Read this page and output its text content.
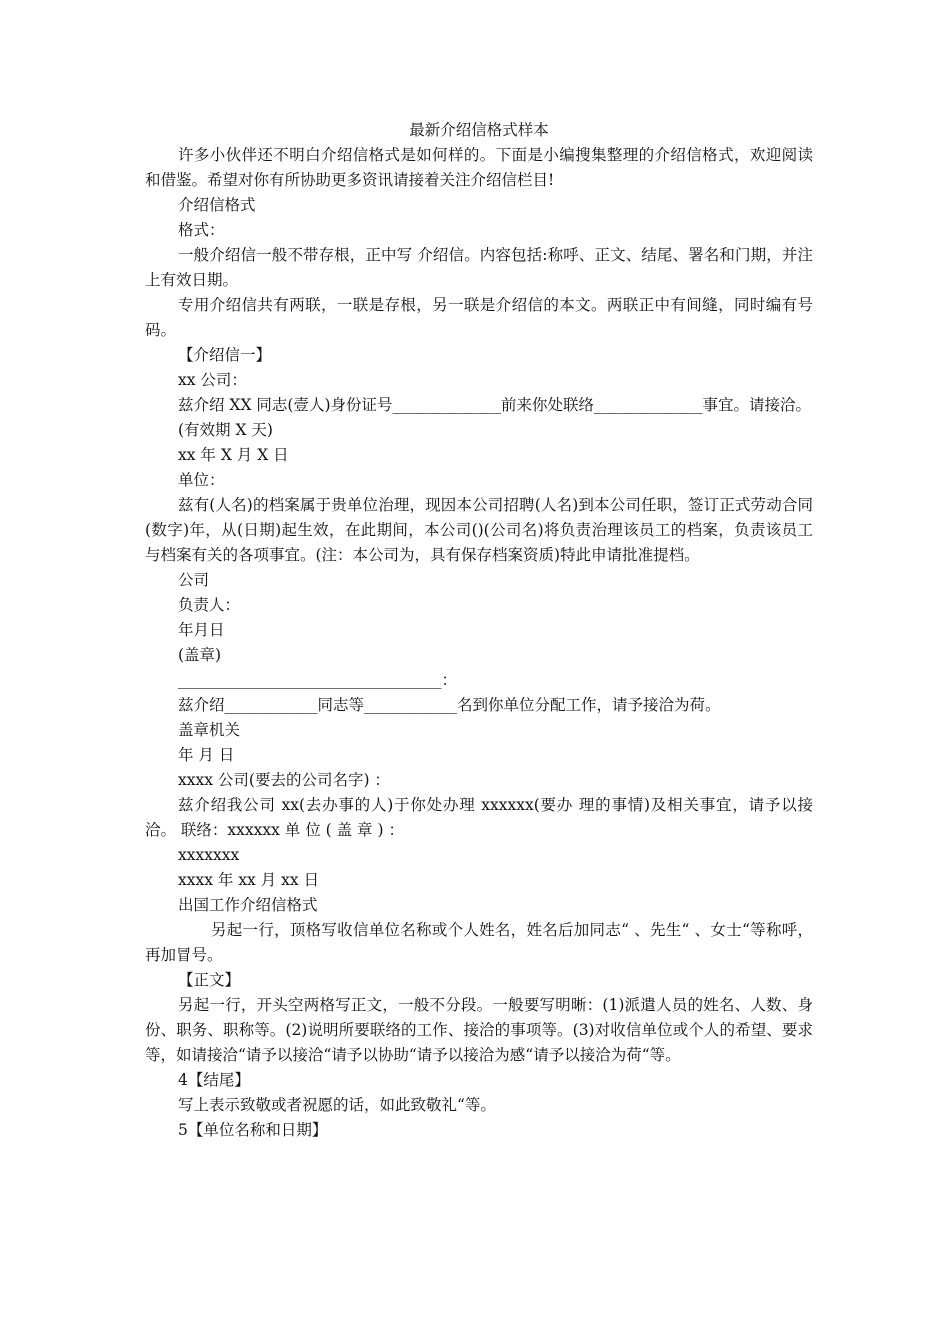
最新介绍信格式样本

许多小伙伴还不明白介绍信格式是如何样的。下面是小编搜集整理的介绍信格式，欢迎阅读和借鉴。希望对你有所协助更多资讯请接着关注介绍信栏目!

介绍信格式

格式：

一般介绍信一般不带存根，正中写 介绍信。内容包括:称呼、正文、结尾、署名和门期，并注上有效日期。

专用介绍信共有两联，一联是存根，另一联是介绍信的本文。两联正中有间缝，同时编有号码。

【介绍信一】

xx 公司：

兹介绍 XX 同志(壹人)身份证号______________前来你处联络______________事宜。请接洽。

(有效期 X 天)

xx 年 X 月 X 日

单位：

兹有(人名)的档案属于贵单位治理，现因本公司招聘(人名)到本公司任职，签订正式劳动合同(数字)年，从(日期)起生效，在此期间，本公司()(公司名)将负责治理该员工的档案，负责该员工与档案有关的各项事宜。(注：本公司为，具有保存档案资质)特此申请批准提档。

公司

负责人：

年月日

(盖章)

__________________________________：

兹介绍____________同志等____________名到你单位分配工作，请予接洽为荷。

盖章机关

年 月 日

xxxx 公司(要去的公司名字) ：

兹介绍我公司 xx(去办事的人)于你处办理 xxxxxx(要办 理的事情)及相关事宜，请予以接洽。 联络：xxxxxx 单 位 ( 盖 章 ) ：

xxxxxxx

xxxx 年 xx 月 xx 日

出国工作介绍信格式

另起一行，顶格写收信单位名称或个人姓名，姓名后加同志“ 、先生“ 、女士“等称呼，再加冒号。

【正文】

另起一行，开头空两格写正文，一般不分段。一般要写明晰：(1)派遣人员的姓名、人数、身份、职务、职称等。(2)说明所要联络的工作、接洽的事项等。(3)对收信单位或个人的希望、要求等，如请接洽“请予以接洽“请予以协助“请予以接洽为感“请予以接洽为荷“等。

4【结尾】

写上表示致敬或者祝愿的话，如此致敬礼“等。

5【单位名称和日期】
